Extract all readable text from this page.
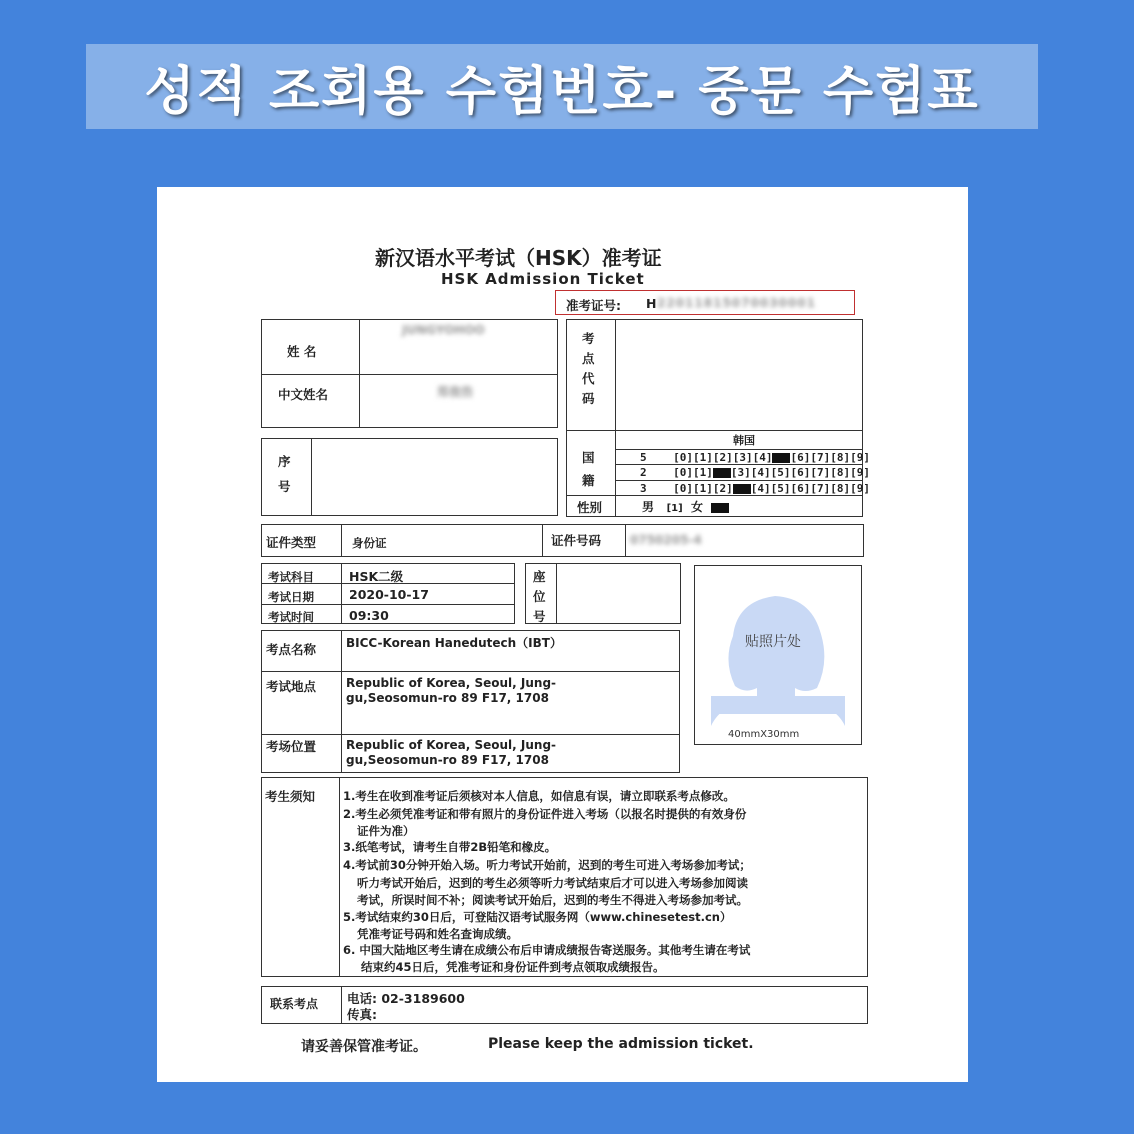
성적 조회용 수험번호- 중문 수험표
新汉语水平考试（HSK）准考证
HSK Admission Ticket
准考证号: H 22011815070030001
姓 名
JUNGYOHOO
中文姓名	郑俊浩
序
号
考
点
代
码
国
籍
韩国
5 [0][1][2][3][4] [6][7][8][9]
2 [0][1] [3][4][5][6][7][8][9]
3 [0][1][2] [4][5][6][7][8][9]
性别	男 [1] 女
证件类型	身份证	证件号码 0750205-4
考试科目	HSK二级
考试日期	2020-10-17
考试时间	09:30
座
位
号
考点名称 BICC-Korean Hanedutech（IBT）
考试地点 Republic of Korea, Seoul, Jung-
gu,Seosomun-ro 89 F17, 1708
考场位置 Republic of Korea, Seoul, Jung-
gu,Seosomun-ro 89 F17, 1708
贴照片处
40mmX30mm
考生须知 1.考生在收到准考证后须核对本人信息，如信息有误，请立即联系考点修改。
2.考生必须凭准考证和带有照片的身份证件进入考场（以报名时提供的有效身份
证件为准）
3.纸笔考试，请考生自带2B铅笔和橡皮。
4.考试前30分钟开始入场。听力考试开始前，迟到的考生可进入考场参加考试；
听力考试开始后，迟到的考生必须等听力考试结束后才可以进入考场参加阅读
考试，所误时间不补；阅读考试开始后，迟到的考生不得进入考场参加考试。
5.考试结束约30日后，可登陆汉语考试服务网（www.chinesetest.cn）
凭准考证号码和姓名查询成绩。
6. 中国大陆地区考生请在成绩公布后申请成绩报告寄送服务。其他考生请在考试
结束约45日后，凭准考证和身份证件到考点领取成绩报告。
联系考点 电话: 02-3189600
传真:
请妥善保管准考证。	Please keep the admission ticket.
